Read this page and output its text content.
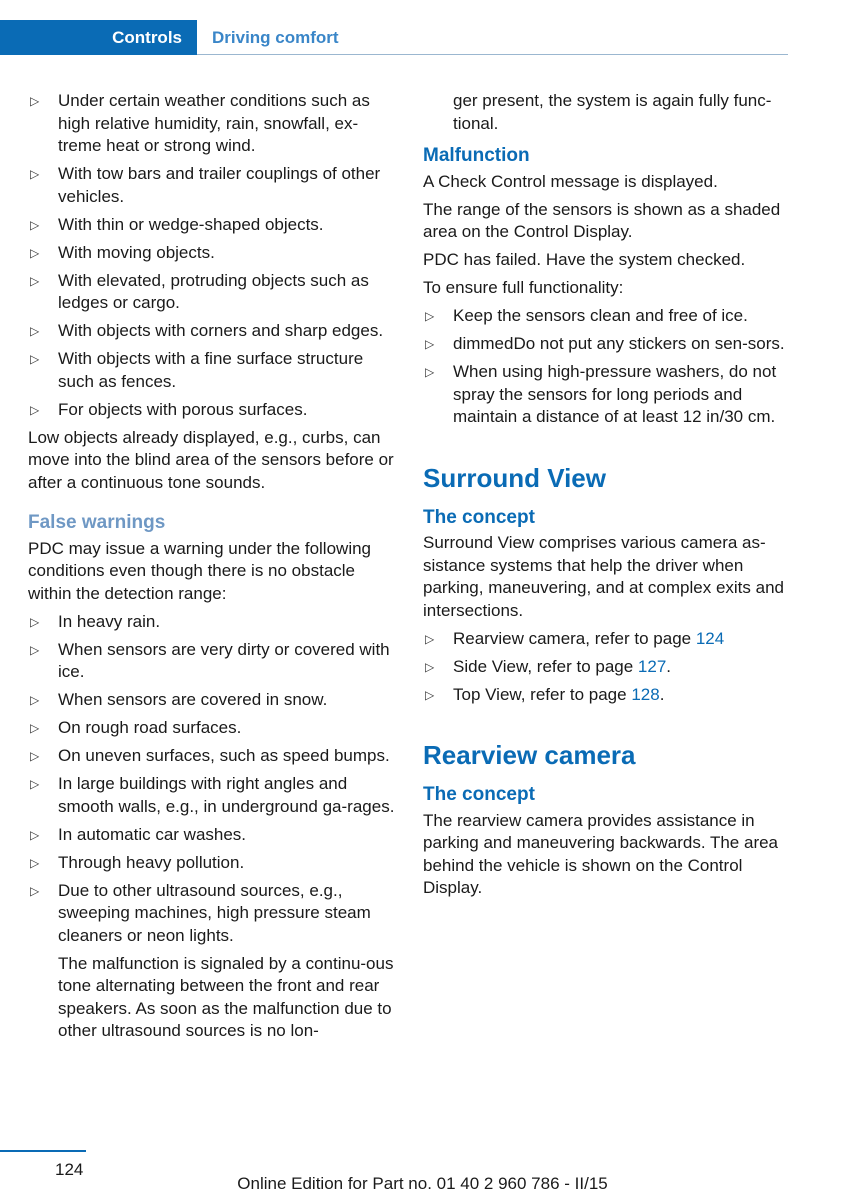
Controls Driving comfort
▷ Under certain weather conditions such as high relative humidity, rain, snowfall, ex-treme heat or strong wind.
▷ With tow bars and trailer couplings of other vehicles.
▷ With thin or wedge-shaped objects.
▷ With moving objects.
▷ With elevated, protruding objects such as ledges or cargo.
▷ With objects with corners and sharp edges.
▷ With objects with a fine surface structure such as fences.
▷ For objects with porous surfaces.

Low objects already displayed, e.g., curbs, can move into the blind area of the sensors before or after a continuous tone sounds.

False warnings

PDC may issue a warning under the following conditions even though there is no obstacle within the detection range:

▷ In heavy rain.
▷ When sensors are very dirty or covered with ice.
▷ When sensors are covered in snow.
▷ On rough road surfaces.
▷ On uneven surfaces, such as speed bumps.
▷ In large buildings with right angles and smooth walls, e.g., in underground ga-rages.
▷ In automatic car washes.
▷ Through heavy pollution.
▷ Due to other ultrasound sources, e.g., sweeping machines, high pressure steam cleaners or neon lights.

The malfunction is signaled by a continu-ous tone alternating between the front and rear speakers. As soon as the malfunction due to other ultrasound sources is no lon-

ger present, the system is again fully func-tional.

Malfunction

A Check Control message is displayed.

The range of the sensors is shown as a shaded area on the Control Display.

PDC has failed. Have the system checked.

To ensure full functionality:

▷ Keep the sensors clean and free of ice.
▷ dimmedDo not put any stickers on sen-sors.
▷ When using high-pressure washers, do not spray the sensors for long periods and maintain a distance of at least 12 in/30 cm.
Surround View
The concept

Surround View comprises various camera as-sistance systems that help the driver when parking, maneuvering, and at complex exits and intersections.

▷ Rearview camera, refer to page 124
▷ Side View, refer to page 127.
▷ Top View, refer to page 128.
Rearview camera
The concept

The rearview camera provides assistance in parking and maneuvering backwards. The area behind the vehicle is shown on the Control Display.

124
Online Edition for Part no. 01 40 2 960 786 - II/15
